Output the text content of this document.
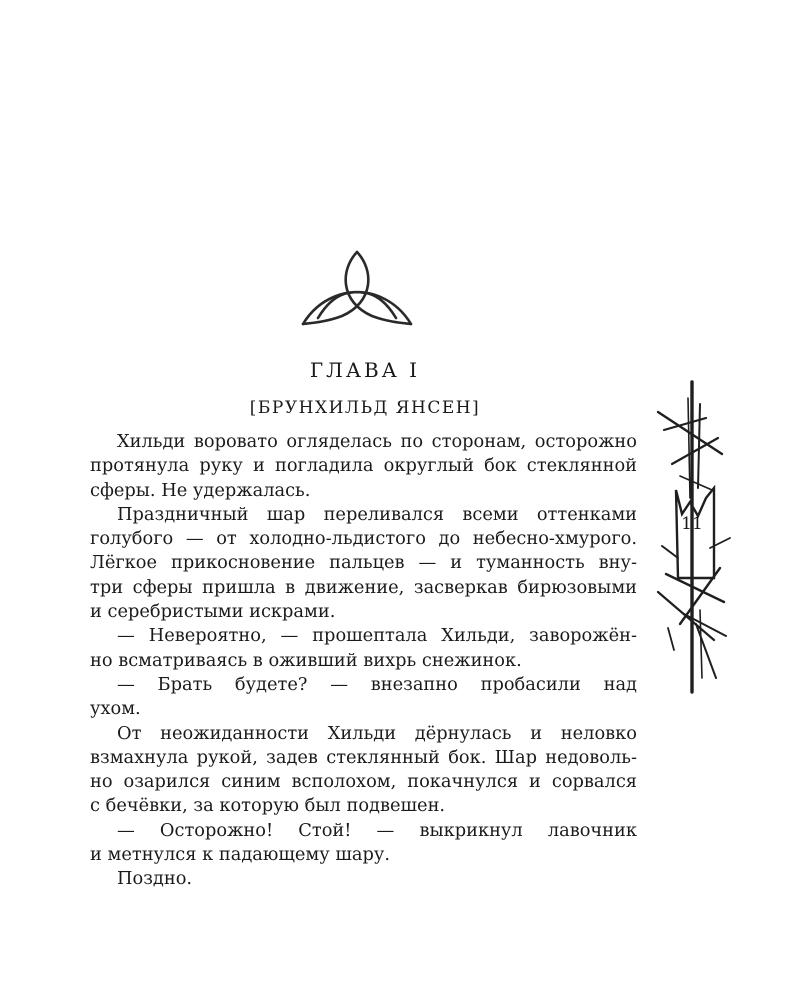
ГЛАВА I
[БРУНХИЛЬД ЯНСЕН]
Хильди воровато огляделась по сторонам, осторожно
протянула руку и погладила округлый бок стеклянной
сферы. Не удержалась.
Праздничный шар переливался всеми оттенками
голубого — от холодно-льдистого до небесно-хмурого.
Лёгкое прикосновение пальцев — и туманность вну-
три сферы пришла в движение, засверкав бирюзовыми
и серебристыми искрами.
— Невероятно, — прошептала Хильди, заворожён-
но всматриваясь в оживший вихрь снежинок.
— Брать будете? — внезапно пробасили над
ухом.
От неожиданности Хильди дёрнулась и неловко
взмахнула рукой, задев стеклянный бок. Шар недоволь-
но озарился синим всполохом, покачнулся и сорвался
с бечёвки, за которую был подвешен.
— Осторожно! Стой! — выкрикнул лавочник
и метнулся к падающему шару.
Поздно.
11
